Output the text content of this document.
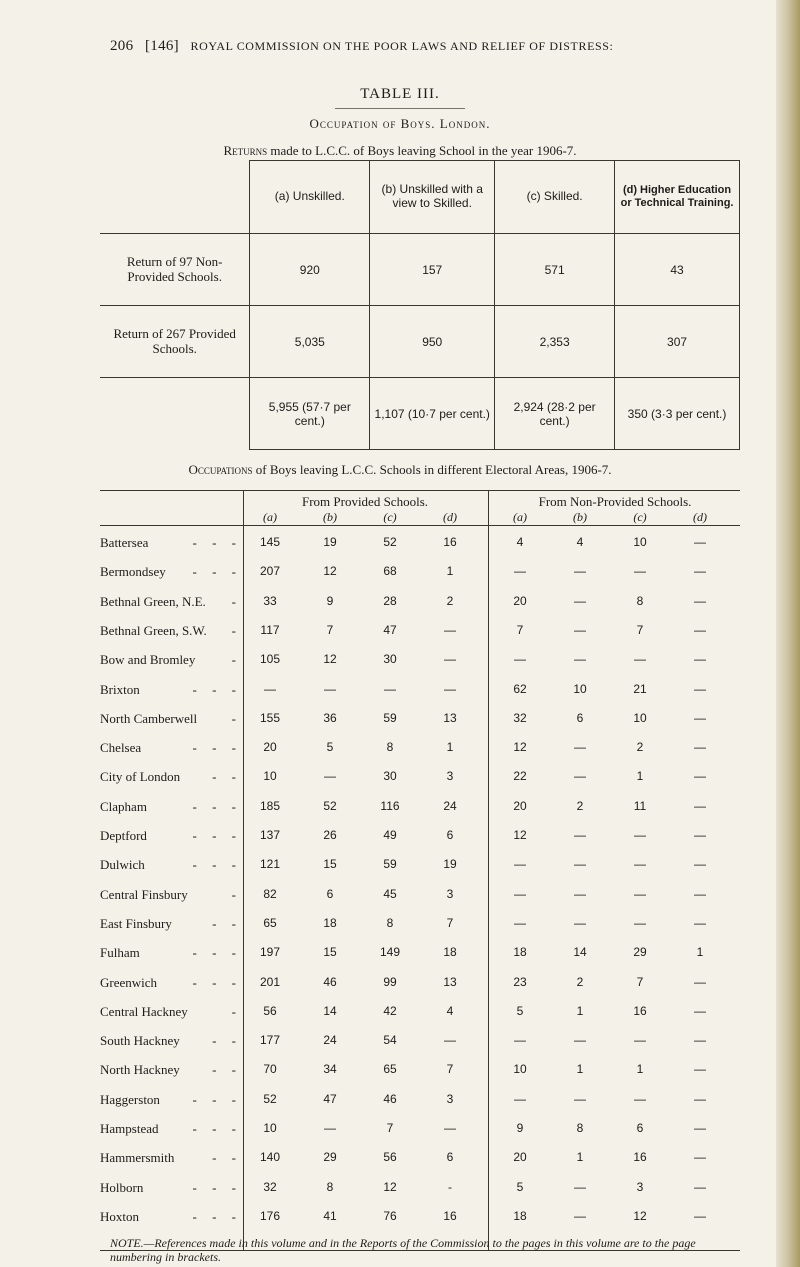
206 [146] ROYAL COMMISSION ON THE POOR LAWS AND RELIEF OF DISTRESS:
TABLE III.
Occupation of Boys. London.
Returns made to L.C.C. of Boys leaving School in the year 1906-7.
	(a) Unskilled.	(b) Unskilled with a view to Skilled.	(c) Skilled.	(d) Higher Education or Technical Training.
Return of 97 Non-Provided Schools.	920	157	571	43
Return of 267 Provided Schools.	5,035	950	2,353	307
	5,955 (57·7 per cent.)	1,107 (10·7 per cent.)	2,924 (28·2 per cent.)	350 (3·3 per cent.)
Occupations of Boys leaving L.C.C. Schools in different Electoral Areas, 1906-7.
From Provided Schools.	From Non-Provided Schools.
(a)	(b)	(c)	(d)	(a)	(b)	(c)	(d)
Battersea	- - -	145	19	52	16	4	4	10	—
Bermondsey - - -	207	12	68	1	—	—	—	—
Bethnal Green, N.E. -	33	9	28	2	20	—	8	—
Bethnal Green, S.W. -	117	7	47	—	7	—	7	—
Bow and Bromley	-	105	12	30	—	—	—	—	—
Brixton	- - -	—	—	—	—	62	10	21	—
North Camberwell	-	155	36	59	13	32	6	10	—
Chelsea	- - -	20	5	8	1	12	—	2	—
City of London - -	10	—	30	3	22	—	1	—
Clapham	- - -	185	52	116	24	20	2	11	—
Deptford	- - -	137	26	49	6	12	—	—	—
Dulwich	- - -	121	15	59	19	—	—	—	—
Central Finsbury	-	82	6	45	3	—	—	—	—
East Finsbury	- -	65	18	8	7	—	—	—	—
Fulham	- - -	197	15	149	18	18	14	29	1
Greenwich	- - -	201	46	99	13	23	2	7	—
Central Hackney	-	56	14	42	4	5	1	16	—
South Hackney - -	177	24	54	—	—	—	—	—
North Hackney - -	70	34	65	7	10	1	1	—
Haggerston	- - -	52	47	46	3	—	—	—	—
Hampstead	- - -	10	—	7	—	9	8	6	—
Hammersmith	- -	140	29	56	6	20	1	16	—
Holborn	- - -	32	8	12	-	5	—	3	—
Hoxton	- - -	176	41	76	16	18	—	12	—
NOTE.—References made in this volume and in the Reports of the Commission to the pages in this volume are to the page numbering in brackets.
